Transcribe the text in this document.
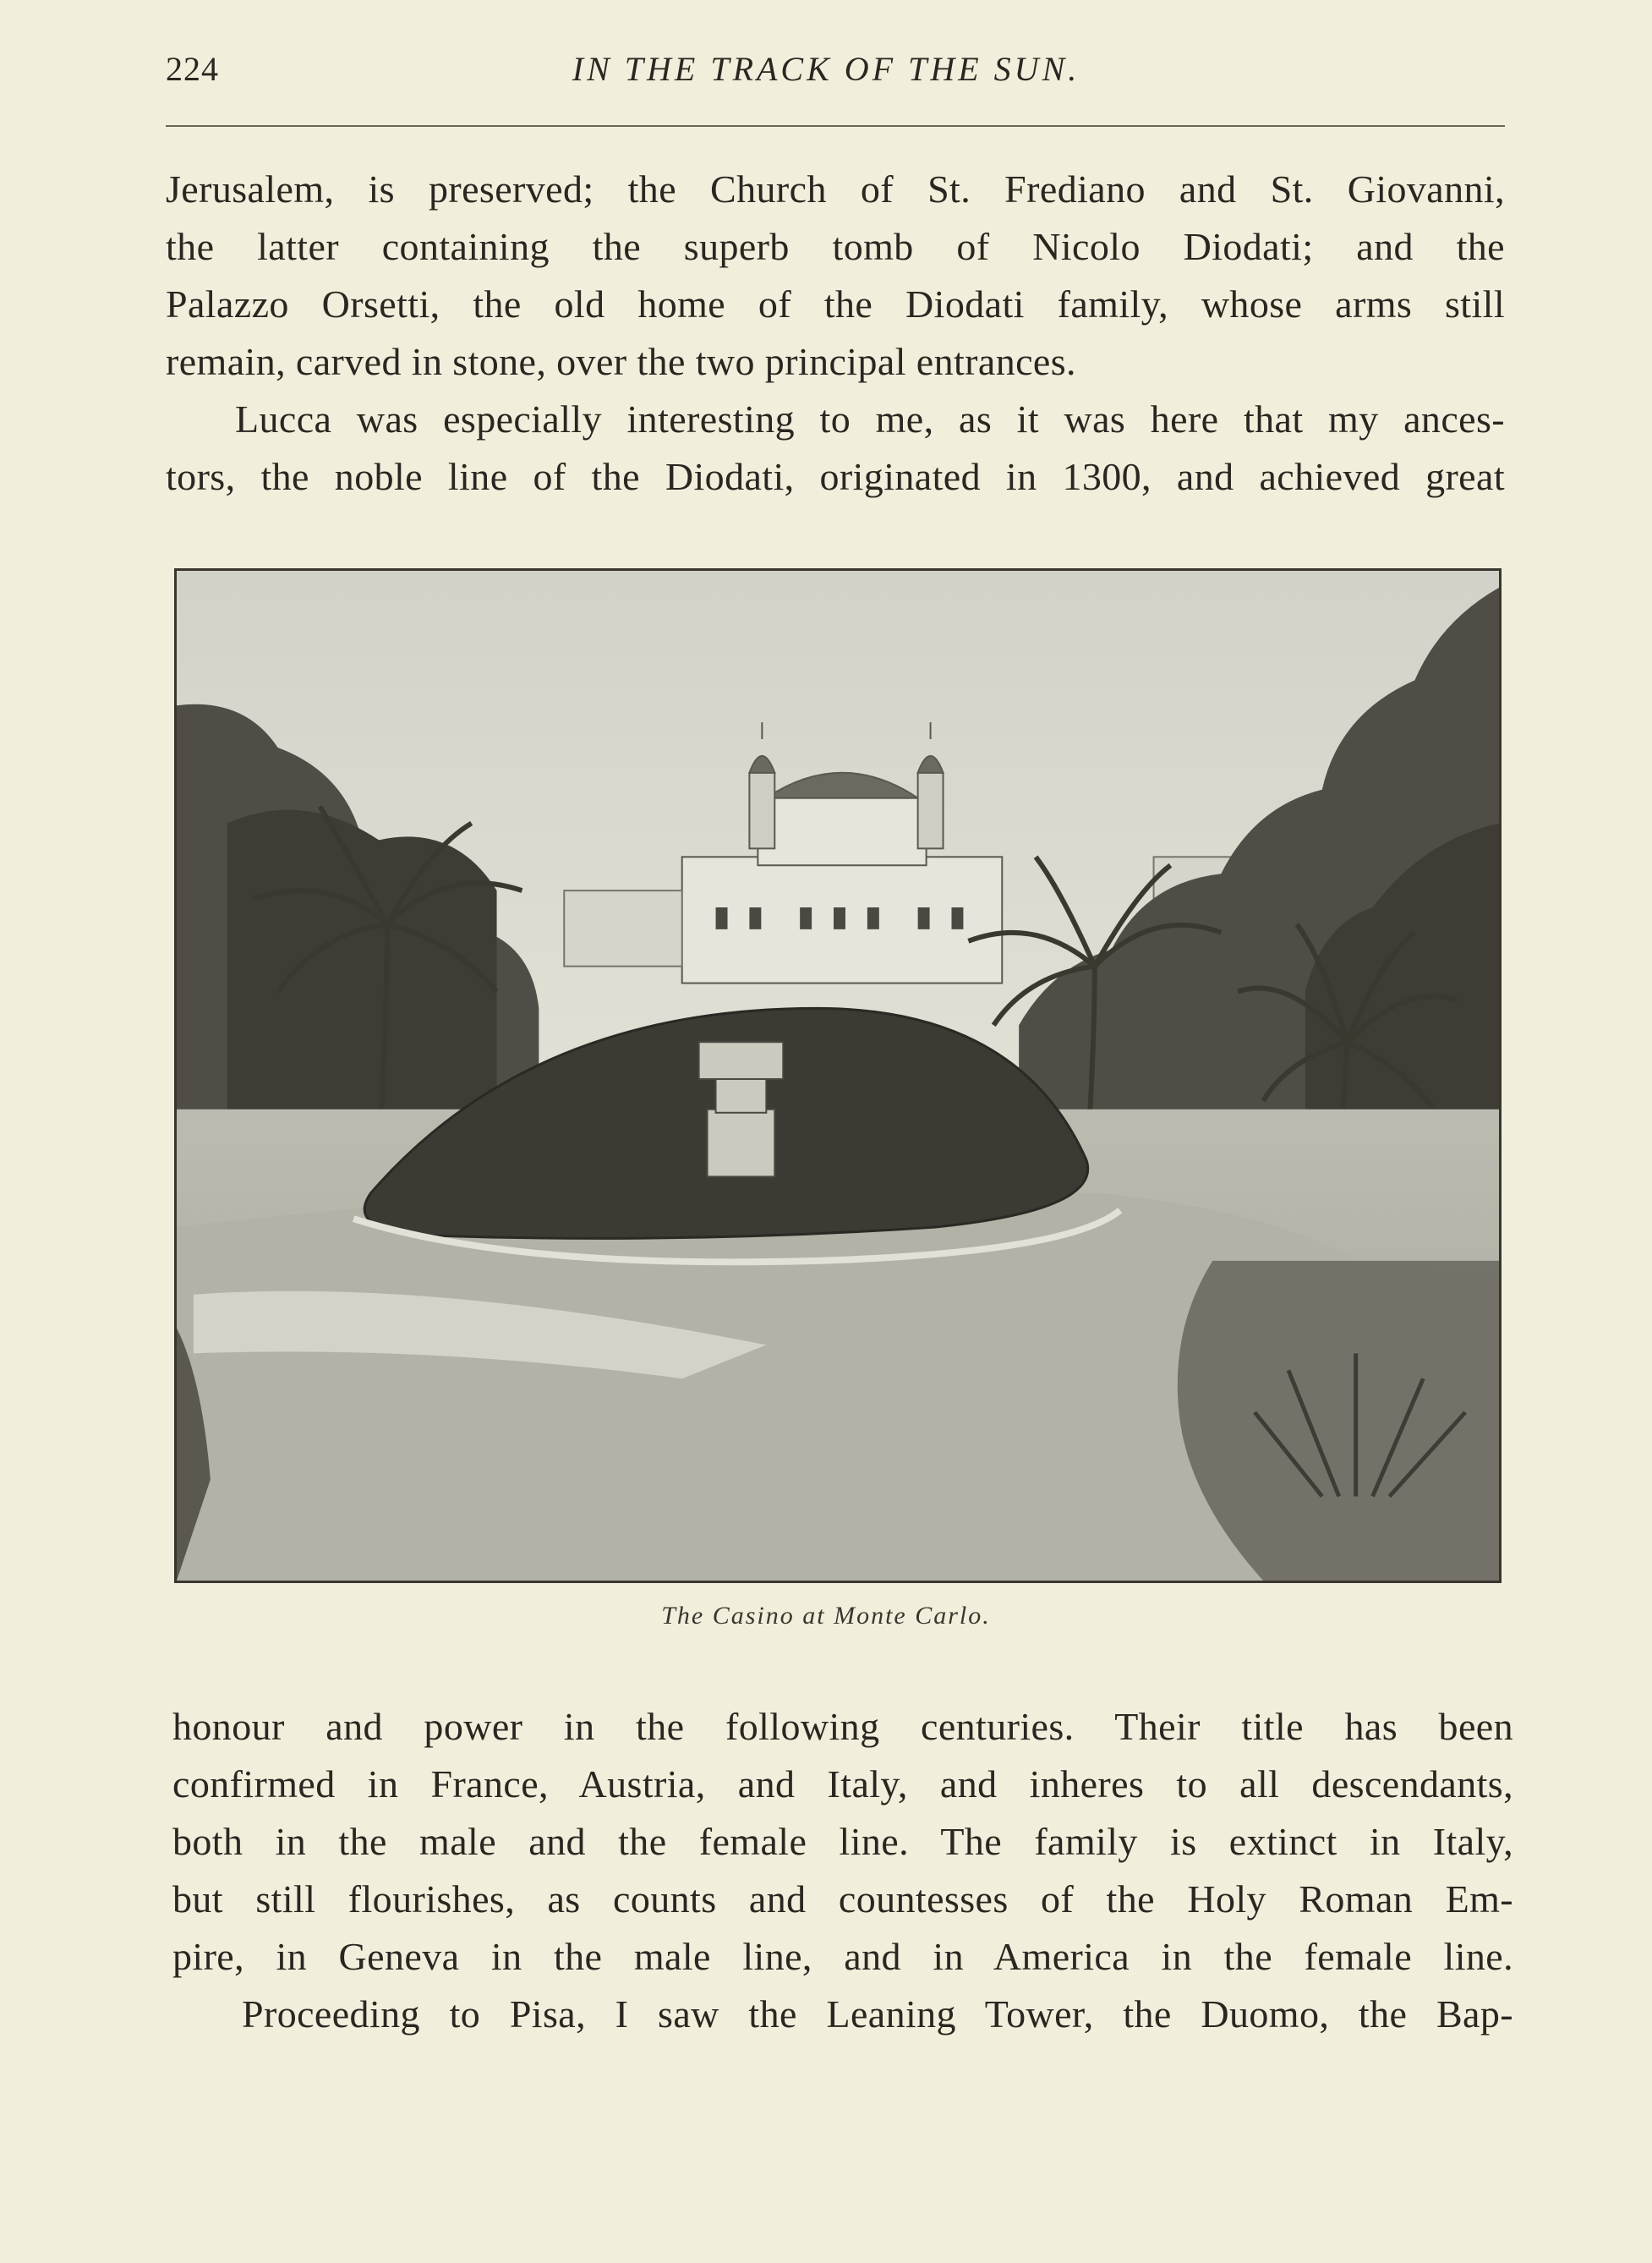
224	IN THE TRACK OF THE SUN.
Jerusalem, is preserved; the Church of St. Frediano and St. Giovanni,
the latter containing the superb tomb of Nicolo Diodati; and the
Palazzo Orsetti, the old home of the Diodati family, whose arms still
remain, carved in stone, over the two principal entrances.
Lucca was especially interesting to me, as it was here that my ances-
tors, the noble line of the Diodati, originated in 1300, and achieved great
The Casino at Monte Carlo.
honour and power in the following centuries. Their title has been
confirmed in France, Austria, and Italy, and inheres to all descendants,
both in the male and the female line. The family is extinct in Italy,
but still flourishes, as counts and countesses of the Holy Roman Em-
pire, in Geneva in the male line, and in America in the female line.
Proceeding to Pisa, I saw the Leaning Tower, the Duomo, the Bap-
